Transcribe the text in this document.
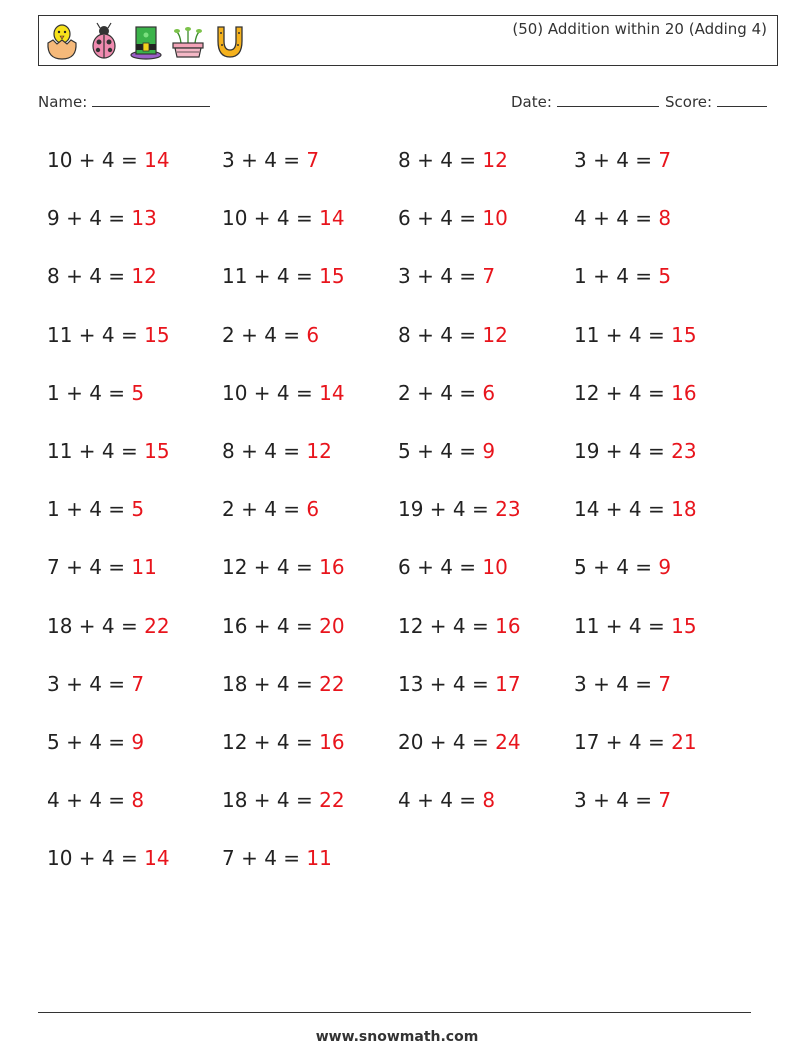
(50) Addition within 20 (Adding 4)
Name:	Date:	Score:
10 + 4 = 14	3 + 4 = 7	8 + 4 = 12	3 + 4 = 7
9 + 4 = 13	10 + 4 = 14	6 + 4 = 10	4 + 4 = 8
8 + 4 = 12	11 + 4 = 15	3 + 4 = 7	1 + 4 = 5
11 + 4 = 15	2 + 4 = 6	8 + 4 = 12	11 + 4 = 15
1 + 4 = 5	10 + 4 = 14	2 + 4 = 6	12 + 4 = 16
11 + 4 = 15	8 + 4 = 12	5 + 4 = 9	19 + 4 = 23
1 + 4 = 5	2 + 4 = 6	19 + 4 = 23	14 + 4 = 18
7 + 4 = 11	12 + 4 = 16	6 + 4 = 10	5 + 4 = 9
18 + 4 = 22	16 + 4 = 20	12 + 4 = 16	11 + 4 = 15
3 + 4 = 7	18 + 4 = 22	13 + 4 = 17	3 + 4 = 7
5 + 4 = 9	12 + 4 = 16	20 + 4 = 24	17 + 4 = 21
4 + 4 = 8	18 + 4 = 22	4 + 4 = 8	3 + 4 = 7
10 + 4 = 14	7 + 4 = 11
www.snowmath.com
